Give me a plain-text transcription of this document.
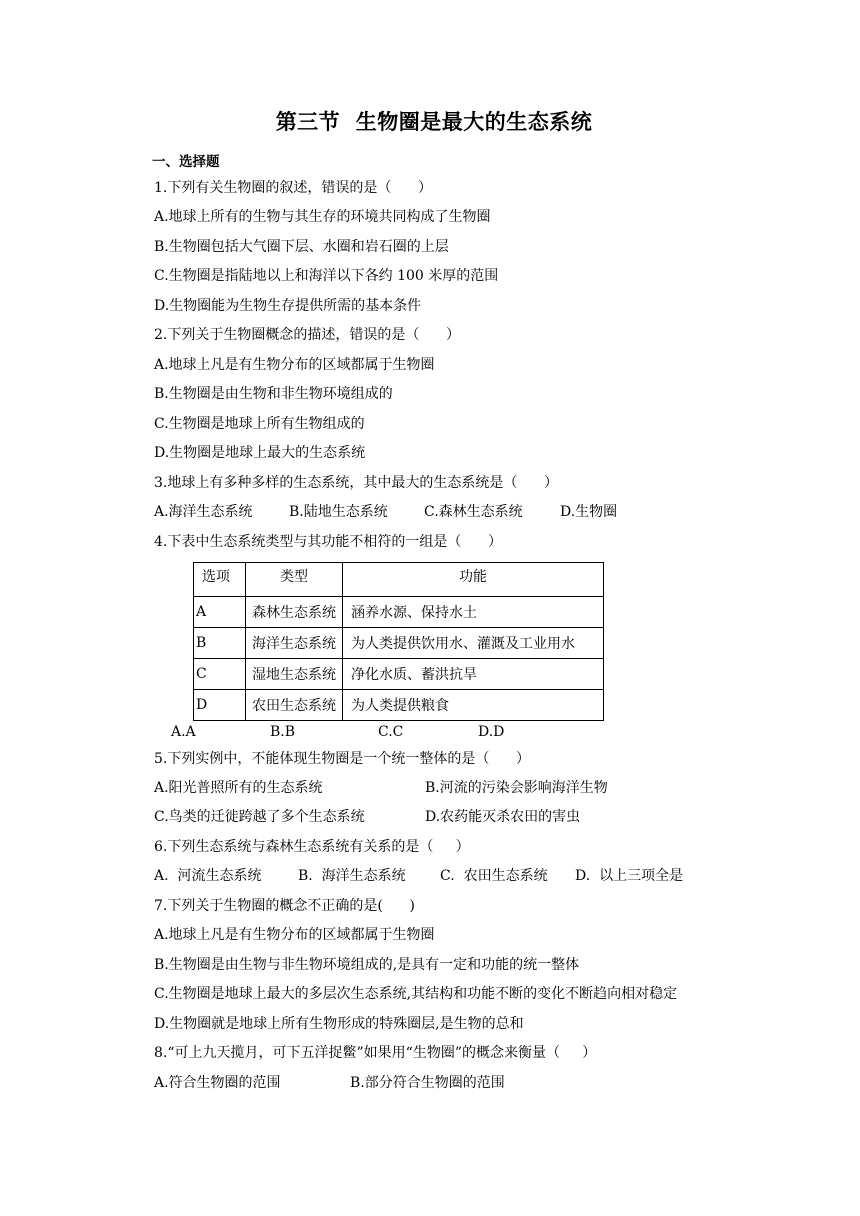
第三节  生物圈是最大的生态系统
一、选择题
1.下列有关生物圈的叙述，错误的是（      ）
A.地球上所有的生物与其生存的环境共同构成了生物圈
B.生物圈包括大气圈下层、水圈和岩石圈的上层
C.生物圈是指陆地以上和海洋以下各约 100 米厚的范围
D.生物圈能为生物生存提供所需的基本条件
2.下列关于生物圈概念的描述，错误的是（      ）
A.地球上凡是有生物分布的区域都属于生物圈
B.生物圈是由生物和非生物环境组成的
C.生物圈是地球上所有生物组成的
D.生物圈是地球上最大的生态系统
3.地球上有多种多样的生态系统，其中最大的生态系统是（      ）
A.海洋生态系统	B.陆地生态系统	C.森林生态系统	D.生物圈
4.下表中生态系统类型与其功能不相符的一组是（      ）
选项	类型	功能
A	森林生态系统	涵养水源、保持水土
B	海洋生态系统	为人类提供饮用水、灌溉及工业用水
C	湿地生态系统	净化水质、蓄洪抗旱
D	农田生态系统	为人类提供粮食
A.A	B.B	C.C	D.D
5.下列实例中，不能体现生物圈是一个统一整体的是（      ）
A.阳光普照所有的生态系统	B.河流的污染会影响海洋生物
C.鸟类的迁徙跨越了多个生态系统	D.农药能灭杀农田的害虫
6.下列生态系统与森林生态系统有关系的是（     ）
A.  河流生态系统	B.  海洋生态系统 C.  农田生态系统 D.  以上三项全是
7.下列关于生物圈的概念不正确的是(      )
A.地球上凡是有生物分布的区域都属于生物圈
B.生物圈是由生物与非生物环境组成的,是具有一定和功能的统一整体
C.生物圈是地球上最大的多层次生态系统,其结构和功能不断的变化不断趋向相对稳定
D.生物圈就是地球上所有生物形成的特殊圈层,是生物的总和
8.“可上九天揽月，可下五洋捉鳖”如果用“生物圈”的概念来衡量（     ）
A.符合生物圈的范围	B.部分符合生物圈的范围
